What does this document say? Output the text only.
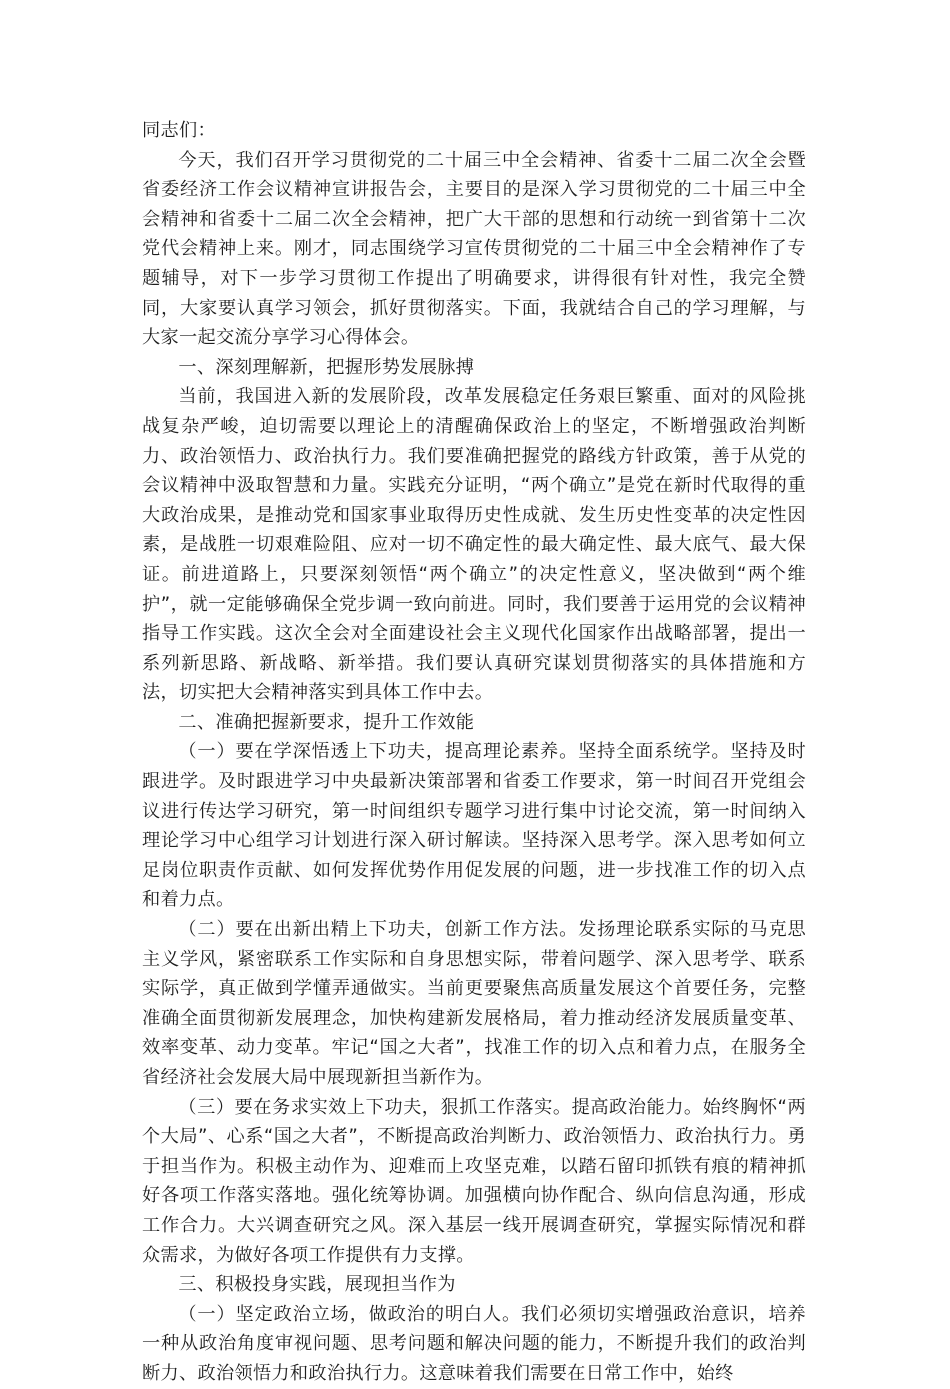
同志们：

今天，我们召开学习贯彻党的二十届三中全会精神、省委十二届二次全会暨省委经济工作会议精神宣讲报告会，主要目的是深入学习贯彻党的二十届三中全会精神和省委十二届二次全会精神，把广大干部的思想和行动统一到省第十二次党代会精神上来。刚才，同志围绕学习宣传贯彻党的二十届三中全会精神作了专题辅导，对下一步学习贯彻工作提出了明确要求，讲得很有针对性，我完全赞同，大家要认真学习领会，抓好贯彻落实。下面，我就结合自己的学习理解，与大家一起交流分享学习心得体会。

一、深刻理解新，把握形势发展脉搏

当前，我国进入新的发展阶段，改革发展稳定任务艰巨繁重、面对的风险挑战复杂严峻，迫切需要以理论上的清醒确保政治上的坚定，不断增强政治判断力、政治领悟力、政治执行力。我们要准确把握党的路线方针政策，善于从党的会议精神中汲取智慧和力量。实践充分证明，“两个确立”是党在新时代取得的重大政治成果，是推动党和国家事业取得历史性成就、发生历史性变革的决定性因素，是战胜一切艰难险阻、应对一切不确定性的最大确定性、最大底气、最大保证。前进道路上，只要深刻领悟“两个确立”的决定性意义，坚决做到“两个维护”，就一定能够确保全党步调一致向前进。同时，我们要善于运用党的会议精神指导工作实践。这次全会对全面建设社会主义现代化国家作出战略部署，提出一系列新思路、新战略、新举措。我们要认真研究谋划贯彻落实的具体措施和方法，切实把大会精神落实到具体工作中去。

二、准确把握新要求，提升工作效能

（一）要在学深悟透上下功夫，提高理论素养。坚持全面系统学。坚持及时跟进学。及时跟进学习中央最新决策部署和省委工作要求，第一时间召开党组会议进行传达学习研究，第一时间组织专题学习进行集中讨论交流，第一时间纳入理论学习中心组学习计划进行深入研讨解读。坚持深入思考学。深入思考如何立足岗位职责作贡献、如何发挥优势作用促发展的问题，进一步找准工作的切入点和着力点。

（二）要在出新出精上下功夫，创新工作方法。发扬理论联系实际的马克思主义学风，紧密联系工作实际和自身思想实际，带着问题学、深入思考学、联系实际学，真正做到学懂弄通做实。当前更要聚焦高质量发展这个首要任务，完整准确全面贯彻新发展理念，加快构建新发展格局，着力推动经济发展质量变革、效率变革、动力变革。牢记“国之大者”，找准工作的切入点和着力点，在服务全省经济社会发展大局中展现新担当新作为。

（三）要在务求实效上下功夫，狠抓工作落实。提高政治能力。始终胸怀“两个大局”、心系“国之大者”，不断提高政治判断力、政治领悟力、政治执行力。勇于担当作为。积极主动作为、迎难而上攻坚克难，以踏石留印抓铁有痕的精神抓好各项工作落实落地。强化统筹协调。加强横向协作配合、纵向信息沟通，形成工作合力。大兴调查研究之风。深入基层一线开展调查研究，掌握实际情况和群众需求，为做好各项工作提供有力支撑。

三、积极投身实践，展现担当作为

（一）坚定政治立场，做政治的明白人。我们必须切实增强政治意识，培养一种从政治角度审视问题、思考问题和解决问题的能力，不断提升我们的政治判断力、政治领悟力和政治执行力。这意味着我们需要在日常工作中，始终
